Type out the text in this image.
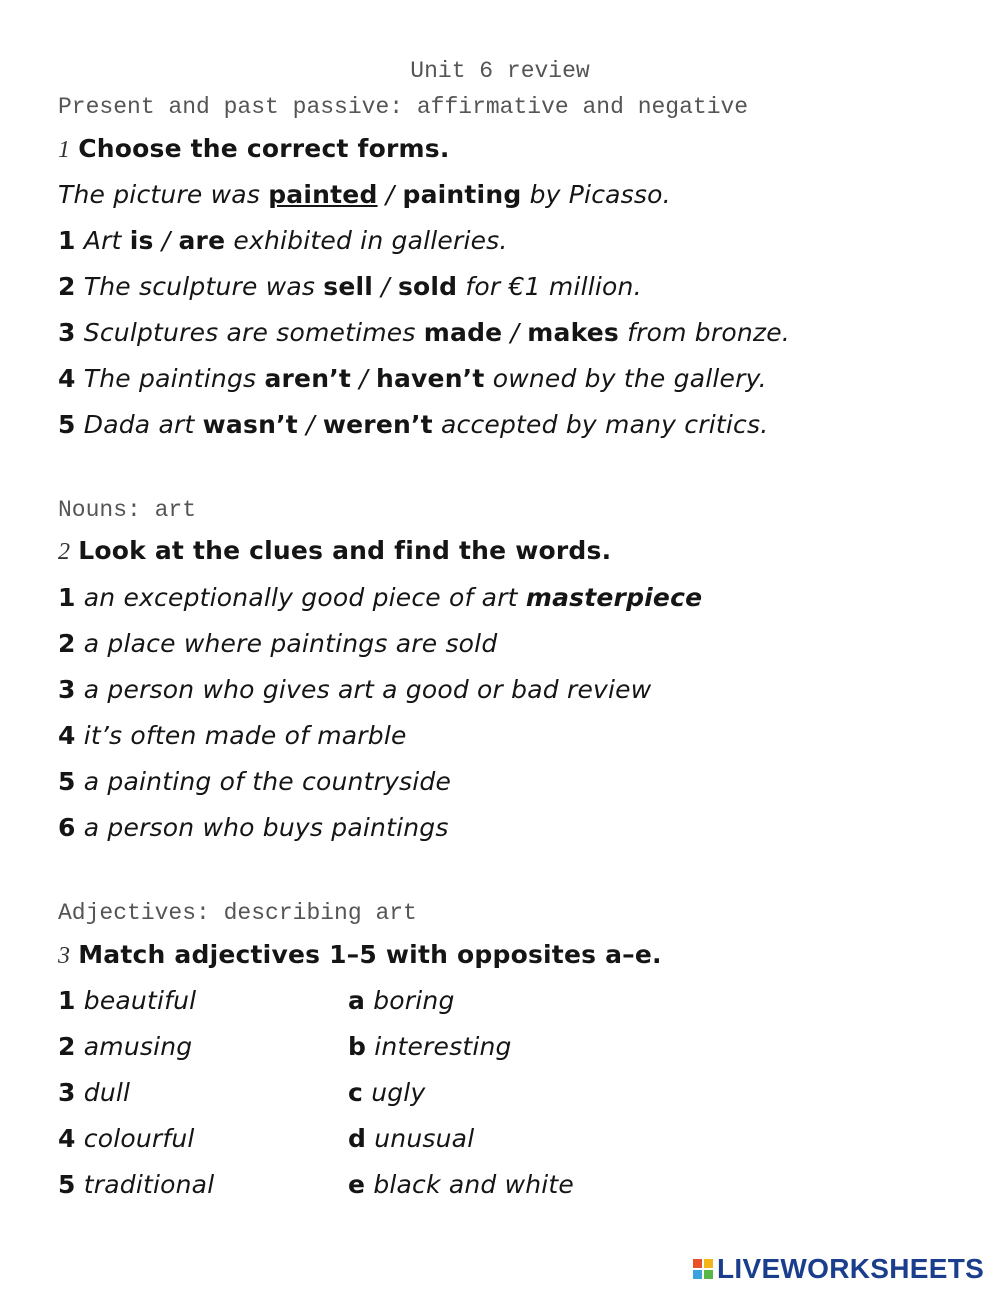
Unit 6 review
Present and past passive: affirmative and negative
1 Choose the correct forms.
The picture was painted / painting by Picasso.
1 Art is / are exhibited in galleries.
2 The sculpture was sell / sold for €1 million.
3 Sculptures are sometimes made / makes from bronze.
4 The paintings aren’t / haven’t owned by the gallery.
5 Dada art wasn’t / weren’t accepted by many critics.
Nouns: art
2 Look at the clues and find the words.
1 an exceptionally good piece of art masterpiece
2 a place where paintings are sold
3 a person who gives art a good or bad review
4 it’s often made of marble
5 a painting of the countryside
6 a person who buys paintings
Adjectives: describing art
3 Match adjectives 1–5 with opposites a–e.
1 beautiful	a boring
2 amusing	b interesting
3 dull	c ugly
4 colourful	d unusual
5 traditional	e black and white
LIVEWORKSHEETS
